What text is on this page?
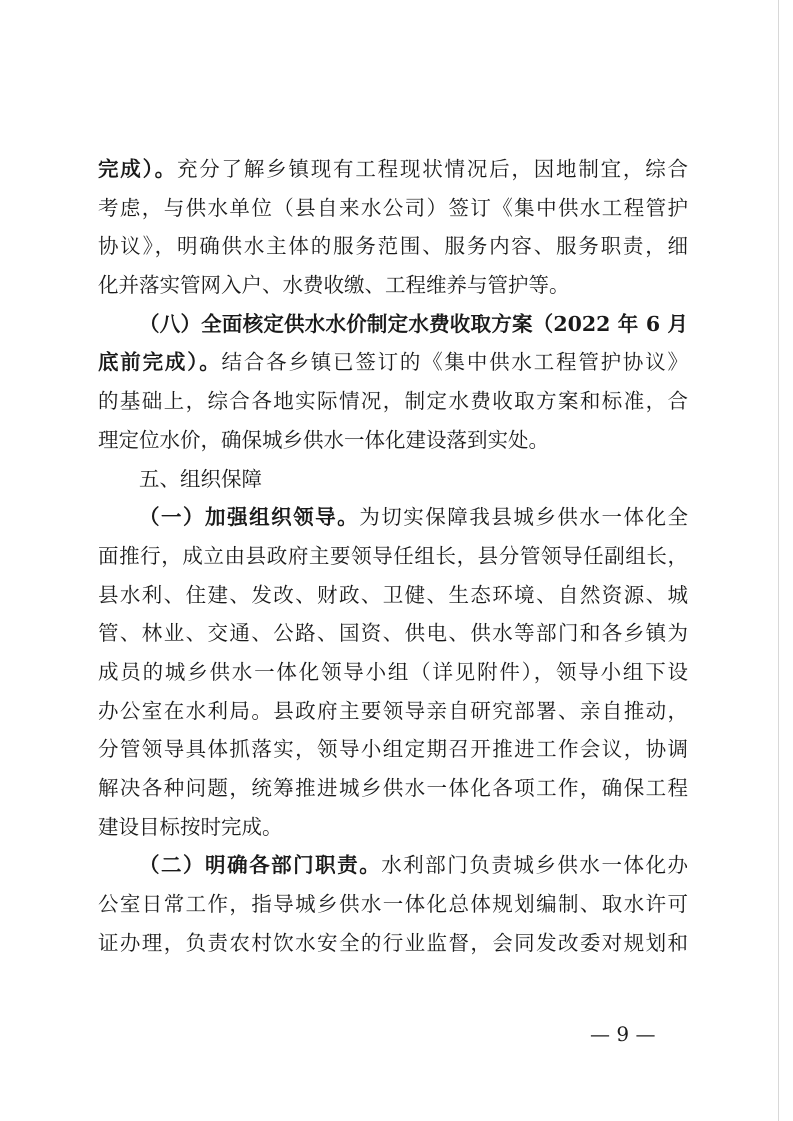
完成）。充分了解乡镇现有工程现状情况后，因地制宜，综合
考虑，与供水单位（县自来水公司）签订《集中供水工程管护
协议》，明确供水主体的服务范围、服务内容、服务职责，细
化并落实管网入户、水费收缴、工程维养与管护等。
（八）全面核定供水水价制定水费收取方案（2022 年 6 月
底前完成）。结合各乡镇已签订的《集中供水工程管护协议》
的基础上，综合各地实际情况，制定水费收取方案和标准，合
理定位水价，确保城乡供水一体化建设落到实处。
五、组织保障
（一）加强组织领导。为切实保障我县城乡供水一体化全
面推行，成立由县政府主要领导任组长，县分管领导任副组长，
县水利、住建、发改、财政、卫健、生态环境、自然资源、城
管、林业、交通、公路、国资、供电、供水等部门和各乡镇为
成员的城乡供水一体化领导小组（详见附件），领导小组下设
办公室在水利局。县政府主要领导亲自研究部署、亲自推动，
分管领导具体抓落实，领导小组定期召开推进工作会议，协调
解决各种问题，统筹推进城乡供水一体化各项工作，确保工程
建设目标按时完成。
（二）明确各部门职责。水利部门负责城乡供水一体化办
公室日常工作，指导城乡供水一体化总体规划编制、取水许可
证办理，负责农村饮水安全的行业监督，会同发改委对规划和
— 9 —
